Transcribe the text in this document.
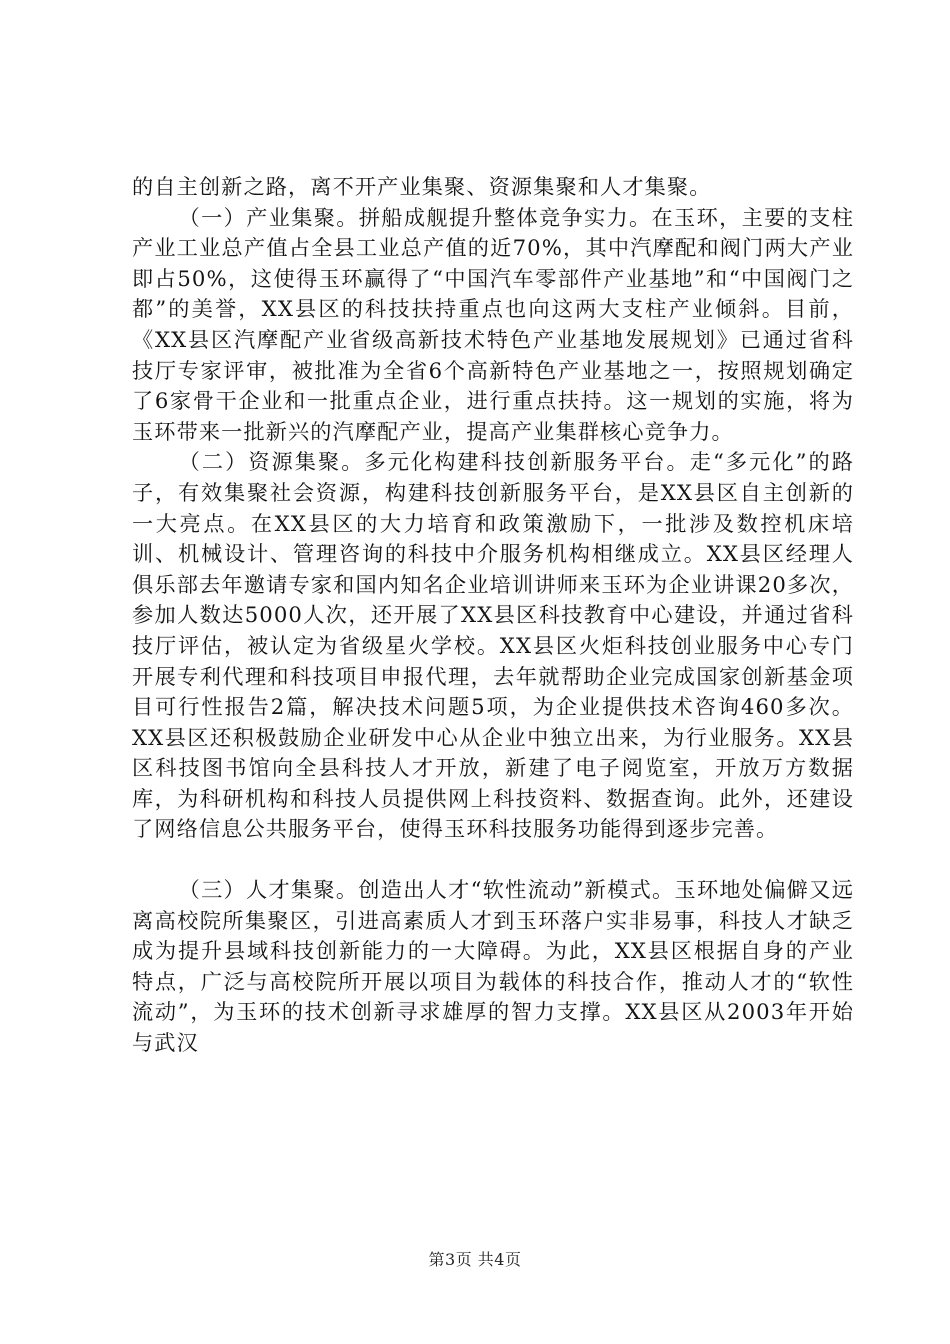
的自主创新之路，离不开产业集聚、资源集聚和人才集聚。

（一）产业集聚。拼船成舰提升整体竞争实力。在玉环，主要的支柱产业工业总产值占全县工业总产值的近70%，其中汽摩配和阀门两大产业即占50%，这使得玉环赢得了“中国汽车零部件产业基地”和“中国阀门之都”的美誉，XX县区的科技扶持重点也向这两大支柱产业倾斜。目前，《XX县区汽摩配产业省级高新技术特色产业基地发展规划》已通过省科技厅专家评审，被批准为全省6个高新特色产业基地之一，按照规划确定了6家骨干企业和一批重点企业，进行重点扶持。这一规划的实施，将为玉环带来一批新兴的汽摩配产业，提高产业集群核心竞争力。

（二）资源集聚。多元化构建科技创新服务平台。走“多元化”的路子，有效集聚社会资源，构建科技创新服务平台，是XX县区自主创新的一大亮点。在XX县区的大力培育和政策激励下，一批涉及数控机床培训、机械设计、管理咨询的科技中介服务机构相继成立。XX县区经理人俱乐部去年邀请专家和国内知名企业培训讲师来玉环为企业讲课20多次，参加人数达5000人次，还开展了XX县区科技教育中心建设，并通过省科技厅评估，被认定为省级星火学校。XX县区火炬科技创业服务中心专门开展专利代理和科技项目申报代理，去年就帮助企业完成国家创新基金项目可行性报告2篇，解决技术问题5项，为企业提供技术咨询460多次。XX县区还积极鼓励企业研发中心从企业中独立出来，为行业服务。XX县区科技图书馆向全县科技人才开放，新建了电子阅览室，开放万方数据库，为科研机构和科技人员提供网上科技资料、数据查询。此外，还建设了网络信息公共服务平台，使得玉环科技服务功能得到逐步完善。

（三）人才集聚。创造出人才“软性流动”新模式。玉环地处偏僻又远离高校院所集聚区，引进高素质人才到玉环落户实非易事，科技人才缺乏成为提升县域科技创新能力的一大障碍。为此，XX县区根据自身的产业特点，广泛与高校院所开展以项目为载体的科技合作，推动人才的“软性流动”，为玉环的技术创新寻求雄厚的智力支撑。XX县区从2003年开始与武汉

第3页 共4页
